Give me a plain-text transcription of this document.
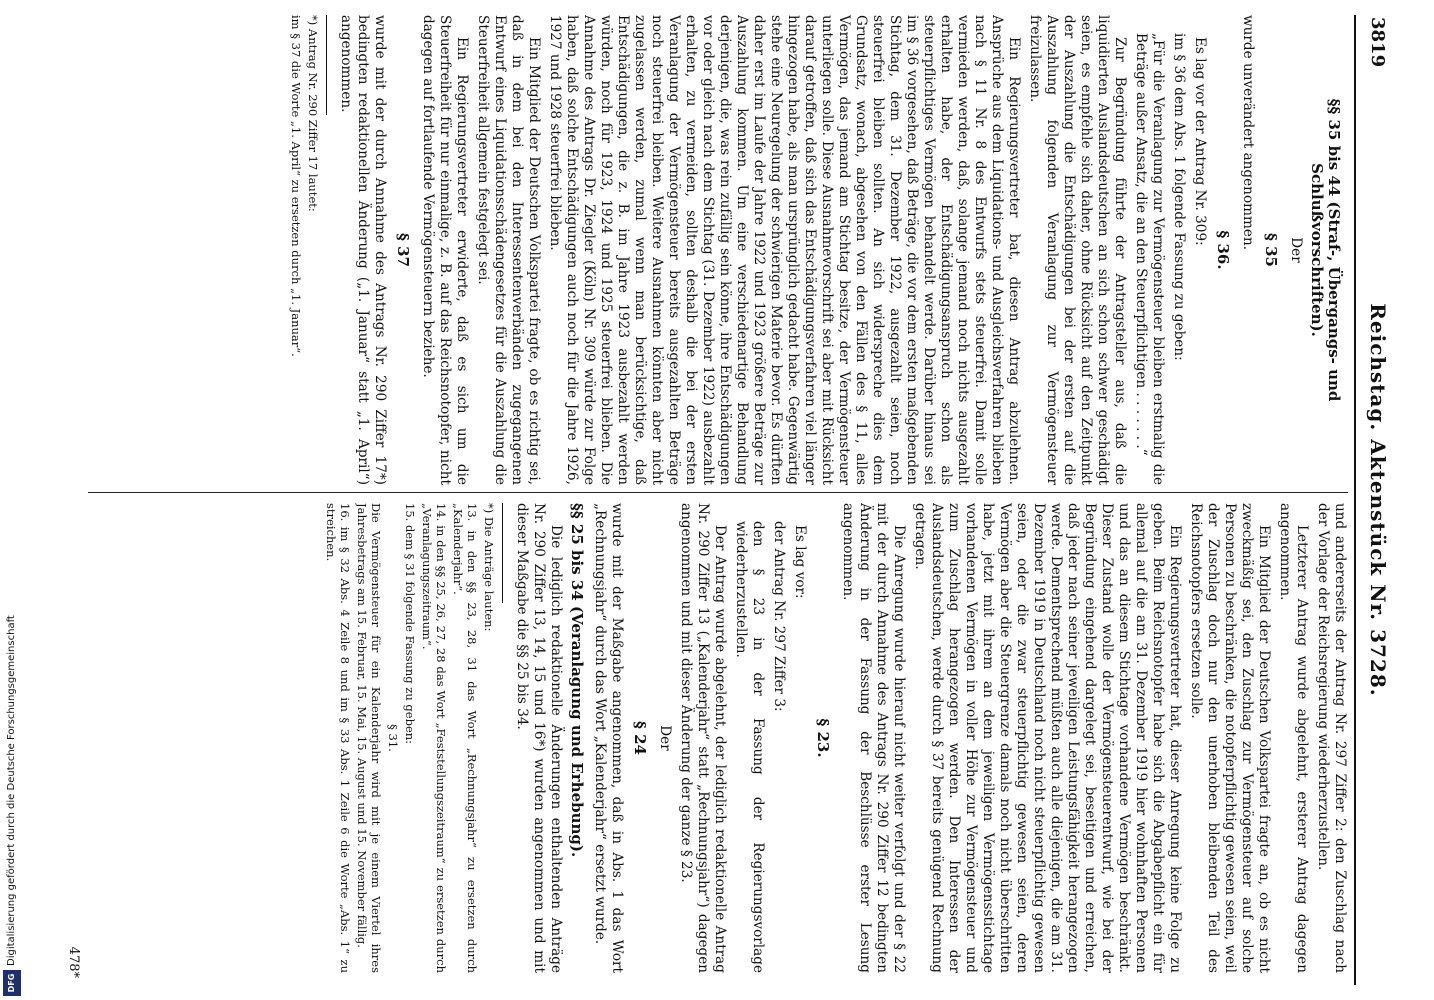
3819
Reichstag. Aktenstück Nr. 3728.

§§ 35 bis 44 (Straf-, Übergangs- und Schlußvorschriften).

Der

§ 35

wurde unverändert angenommen.

§ 36.

Es lag vor der Antrag Nr. 309:

im § 36 dem Abs. 1 folgende Fassung zu geben:

„Für die Veranlagung zur Vermögensteuer bleiben erstmalig die Beträge außer Ansatz, die an den Steuerpflichtigen . . . . . . .“

Zur Begründung führte der Antragsteller aus, daß die liquidierten Auslandsdeutschen an sich schon schwer geschädigt seien, es empfehle sich daher, ohne Rücksicht auf den Zeitpunkt der Auszahlung die Entschädigungen bei der ersten auf die Auszahlung folgenden Veranlagung zur Vermögensteuer freizulassen.

Ein Regierungsvertreter bat, diesen Antrag abzulehnen. Ansprüche aus dem Liquidations- und Ausgleichsverfahren blieben nach § 11 Nr. 8 des Entwurfs stets steuerfrei. Damit solle vermieden werden, daß, solange jemand noch nichts ausgezahlt erhalten habe, der Entschädigungsanspruch schon als steuerpflichtiges Vermögen behandelt werde. Darüber hinaus sei im § 36 vorgesehen, daß Beträge, die vor dem ersten maßgebenden Stichtag, dem 31. Dezember 1922, ausgezahlt seien, noch steuerfrei bleiben sollten. An sich widerspreche dies dem Grundsatz, wonach, abgesehen von den Fällen des § 11, alles Vermögen, das jemand am Stichtag besitze, der Vermögensteuer unterliegen solle. Diese Ausnahmevorschrift sei aber mit Rücksicht darauf getroffen, daß sich das Entschädigungsverfahren viel länger hingezogen habe, als man ursprünglich gedacht habe. Gegenwärtig stehe eine Neuregelung der schwierigen Materie bevor. Es dürften daher erst im Laufe der Jahre 1922 und 1923 größere Beträge zur Auszahlung kommen. Um eine verschiedenartige Behandlung derjenigen, die, was rein zufällig sein könne, ihre Entschädigungen vor oder gleich nach dem Stichtag (31. Dezember 1922) ausbezahlt erhalten, zu vermeiden, sollten deshalb die bei der ersten Veranlagung der Vermögensteuer bereits ausgezahlten Beträge noch steuerfrei bleiben. Weitere Ausnahmen könnten aber nicht zugelassen werden, zumal wenn man berücksichtige, daß Entschädigungen, die z. B. im Jahre 1923 ausbezahlt werden würden, noch für 1923, 1924 und 1925 steuerfrei blieben. Die Annahme des Antrags Dr. Ziegler (Köln) Nr. 309 würde zur Folge haben, daß solche Entschädigungen auch noch für die Jahre 1926, 1927 und 1928 steuerfrei blieben.

Ein Mitglied der Deutschen Volkspartei fragte, ob es richtig sei, daß in dem bei den Interessentenverbänden zugegangenen Entwurf eines Liquidationsschädengesetzes für die Auszahlung die Steuerfreiheit allgemein festgelegt sei.

Ein Regierungsvertreter erwiderte, daß es sich um die Steuerfreiheit für nur einmalige, z. B. auf das Reichsnotopfer, nicht dagegen auf fortlaufende Vermögensteuern beziehe.

§ 37

wurde mit der durch Annahme des Antrags Nr. 290 Ziffer 17*) bedingten redaktionellen Änderung („1. Januar“ statt „1. April“) angenommen.

*) Antrag Nr. 290 Ziffer 17 lautet:

im § 37 die Worte „1. April“ zu ersetzen durch „1. Januar“.

und andererseits der Antrag Nr. 297 Ziffer 2: den Zuschlag nach der Vorlage der Reichsregierung wiederherzustellen.

Letzterer Antrag wurde abgelehnt, ersterer Antrag dagegen angenommen.

Ein Mitglied der Deutschen Volkspartei fragte an, ob es nicht zweckmäßig sei, den Zuschlag zur Vermögensteuer auf solche Personen zu beschränken, die notopferpflichtig gewesen seien, weil der Zuschlag doch nur den unerhoben bleibenden Teil des Reichsnotopfers ersetzen solle.

Ein Regierungsvertreter hat, dieser Anregung keine Folge zu geben. Beim Reichsnotopfer habe sich die Abgabepflicht ein für allemal auf die am 31. Dezember 1919 hier wohnhaften Personen und das an diesem Stichtage vorhandene Vermögen beschränkt. Dieser Zustand wolle der Vermögensteuerentwurf, wie bei der Begründung eingehend dargelegt sei, beseitigen und erreichen, daß jeder nach seiner jeweiligen Leistungsfähigkeit herangezogen werde. Dementsprechend müßten auch alle diejenigen, die am 31. Dezember 1919 in Deutschland noch nicht steuerpflichtig gewesen seien, oder die zwar steuerpflichtig gewesen seien, deren Vermögen aber die Steuergrenze damals noch nicht überschritten habe, jetzt mit ihrem an dem jeweiligen Vermögensstichtage vorhandenen Vermögen in voller Höhe zur Vermögensteuer und zum Zuschlag herangezogen werden. Den Interessen der Auslandsdeutschen, werde durch § 37 bereits genügend Rechnung getragen.

Die Anregung wurde hierauf nicht weiter verfolgt und der § 22 mit der durch Annahme des Antrags Nr. 290 Ziffer 12 bedingten Änderung in der Fassung der Beschlüsse erster Lesung angenommen.

§ 23.

Es lag vor:

der Antrag Nr. 297 Ziffer 3:

den § 23 in der Fassung der Regierungsvorlage wiederherzustellen.

Der Antrag wurde abgelehnt, der lediglich redaktionelle Antrag Nr. 290 Ziffer 13 („Kalenderjahr“ statt „Rechnungsjahr“) dagegen angenommen und mit dieser Änderung der ganze § 23.

Der

§ 24

wurde mit der Maßgabe angenommen, daß in Abs. 1 das Wort „Rechnungsjahr“ durch das Wort „Kalenderjahr“ ersetzt wurde.

§§ 25 bis 34 (Veranlagung und Erhebung).

Die lediglich redaktionelle Änderungen enthaltenden Anträge Nr. 290 Ziffer 13, 14, 15 und 16*) wurden angenommen und mit dieser Maßgabe die §§ 25 bis 34.

*) Die Anträge lauten:

13. in den §§ 23, 28, 31 das Wort „Rechnungsjahr“ zu ersetzen durch „Kalenderjahr“.

14. in den §§ 25, 26, 27, 28 das Wort „Feststellungszeitraum“ zu ersetzen durch „Veranlagungszeitraum“.

15. dem § 31 folgende Fassung zu geben:

§ 31.

Die Vermögensteuer für ein Kalenderjahr wird mit je einem Viertel ihres Jahresbetrags am 15. Februar, 15. Mai, 15. August und 15. November fällig.

16. im § 32 Abs. 4 Zeile 8 und im § 33 Abs. 1 Zeile 6 die Worte „Abs. 1“ zu streichen.

478*
DFG
Digitalisierung gefördert durch die Deutsche Forschungsgemeinschaft
